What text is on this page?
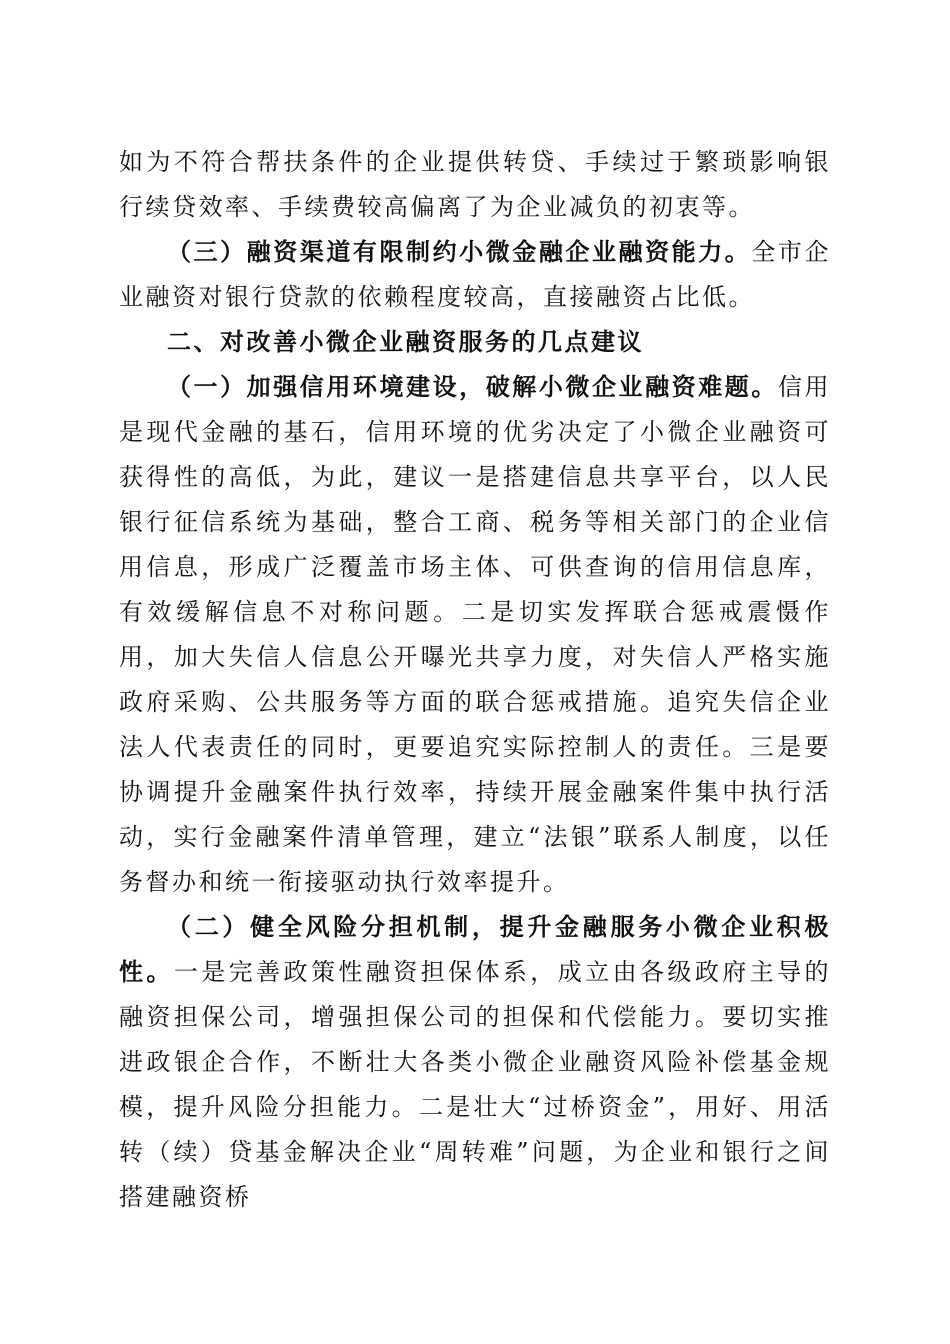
如为不符合帮扶条件的企业提供转贷、手续过于繁琐影响银行续贷效率、手续费较高偏离了为企业减负的初衷等。

（三）融资渠道有限制约小微金融企业融资能力。全市企业融资对银行贷款的依赖程度较高，直接融资占比低。

二、对改善小微企业融资服务的几点建议

（一）加强信用环境建设，破解小微企业融资难题。信用是现代金融的基石，信用环境的优劣决定了小微企业融资可获得性的高低，为此，建议一是搭建信息共享平台，以人民银行征信系统为基础，整合工商、税务等相关部门的企业信用信息，形成广泛覆盖市场主体、可供查询的信用信息库，有效缓解信息不对称问题。二是切实发挥联合惩戒震慑作用，加大失信人信息公开曝光共享力度，对失信人严格实施政府采购、公共服务等方面的联合惩戒措施。追究失信企业法人代表责任的同时，更要追究实际控制人的责任。三是要协调提升金融案件执行效率，持续开展金融案件集中执行活动，实行金融案件清单管理，建立“法银”联系人制度，以任务督办和统一衔接驱动执行效率提升。

（二）健全风险分担机制，提升金融服务小微企业积极性。一是完善政策性融资担保体系，成立由各级政府主导的融资担保公司，增强担保公司的担保和代偿能力。要切实推进政银企合作，不断壮大各类小微企业融资风险补偿基金规模，提升风险分担能力。二是壮大“过桥资金”，用好、用活转（续）贷基金解决企业“周转难”问题，为企业和银行之间搭建融资桥
